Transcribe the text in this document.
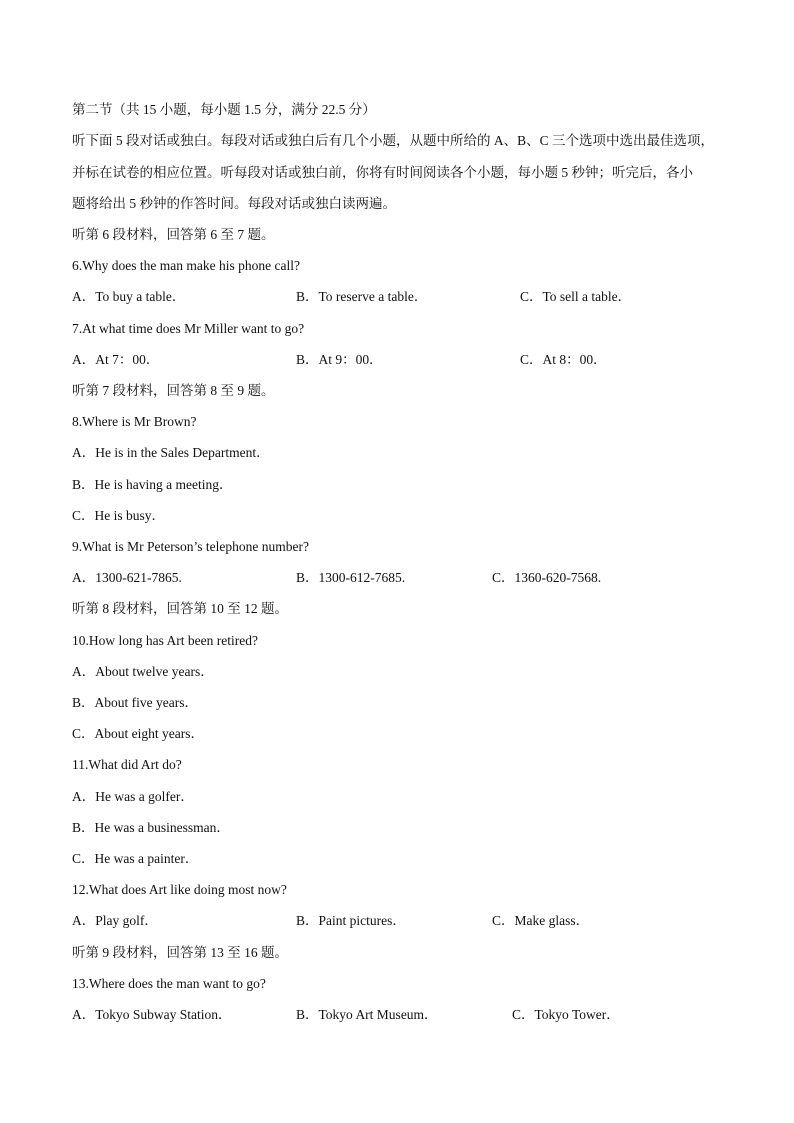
第二节（共 15 小题，每小题 1.5 分，满分 22.5 分）
听下面 5 段对话或独白。每段对话或独白后有几个小题，从题中所给的 A、B、C 三个选项中选出最佳选项，
并标在试卷的相应位置。听每段对话或独白前，你将有时间阅读各个小题，每小题 5 秒钟；听完后，各小
题将给出 5 秒钟的作答时间。每段对话或独白读两遍。
听第 6 段材料，回答第 6 至 7 题。
6.Why does the man make his phone call?
A．To buy a table．	B．To reserve a table．	C．To sell a table．
7.At what time does Mr Miller want to go?
A．At 7：00．	B．At 9：00．	C．At 8：00．
听第 7 段材料，回答第 8 至 9 题。
8.Where is Mr Brown?
A．He is in the Sales Department．
B．He is having a meeting．
C．He is busy．
9.What is Mr Peterson’s telephone number?
A．1300-621-7865.	B．1300-612-7685.	C．1360-620-7568.
听第 8 段材料，回答第 10 至 12 题。
10.How long has Art been retired?
A．About twelve years．
B．About five years．
C．About eight years．
11.What did Art do?
A．He was a golfer．
B．He was a businessman．
C．He was a painter．
12.What does Art like doing most now?
A．Play golf．	B．Paint pictures．	C．Make glass．
听第 9 段材料，回答第 13 至 16 题。
13.Where does the man want to go?
A．Tokyo Subway Station．	B．Tokyo Art Museum．	C．Tokyo Tower．
